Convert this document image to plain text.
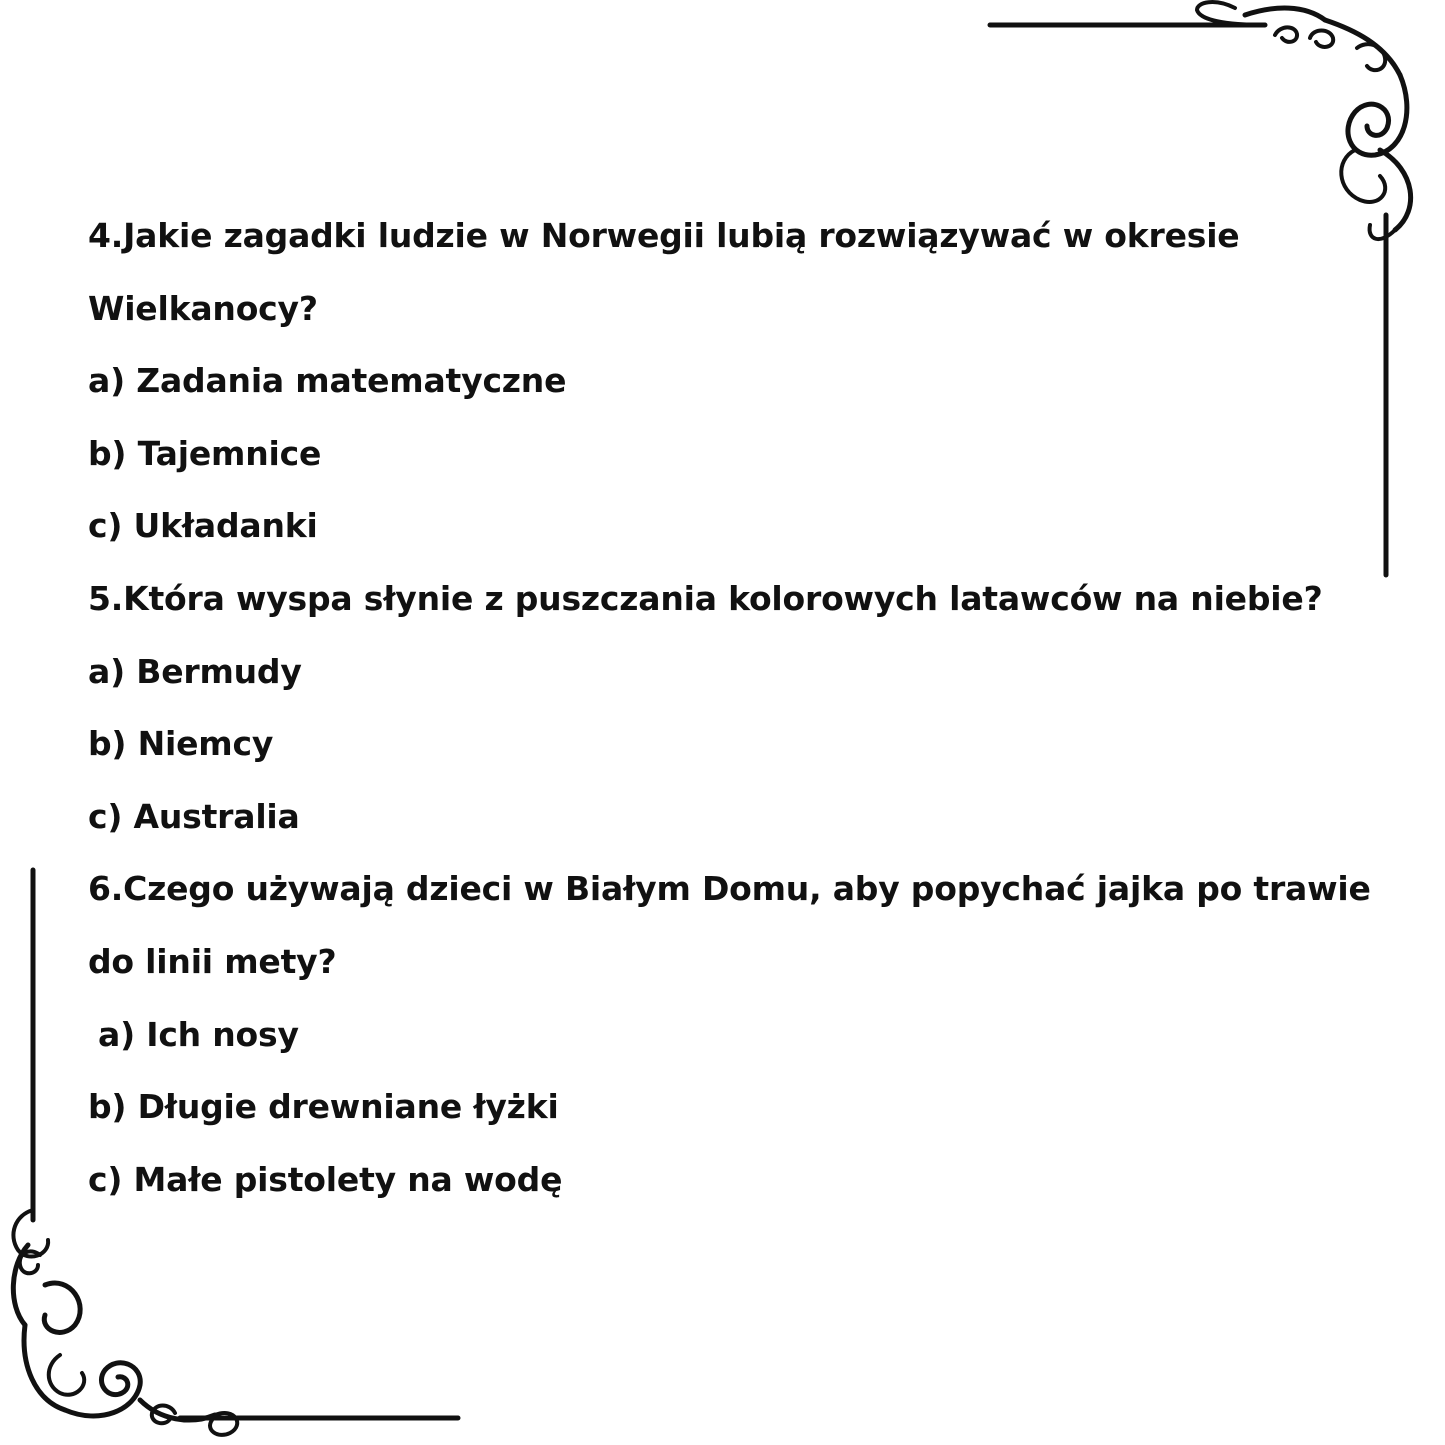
4.Jakie zagadki ludzie w Norwegii lubią rozwiązywać w okresie
Wielkanocy?
a) Zadania matematyczne
b) Tajemnice
c) Układanki
5.Która wyspa słynie z puszczania kolorowych latawców na niebie?
a) Bermudy
b) Niemcy
c) Australia
6.Czego używają dzieci w Białym Domu, aby popychać jajka po trawie
do linii mety?
a) Ich nosy
b) Długie drewniane łyżki
c) Małe pistolety na wodę
